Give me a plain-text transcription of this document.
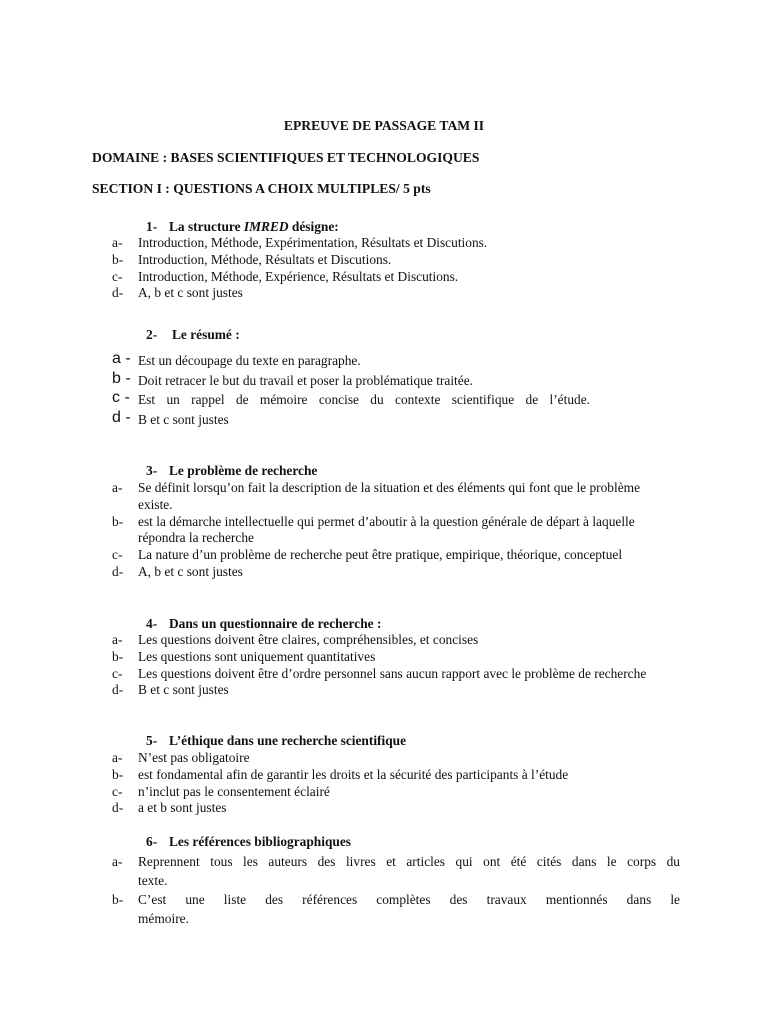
EPREUVE DE PASSAGE TAM II
DOMAINE : BASES SCIENTIFIQUES ET TECHNOLOGIQUES
SECTION I : QUESTIONS A CHOIX MULTIPLES/ 5 pts
1- La structure IMRED désigne:
a- Introduction, Méthode, Expérimentation, Résultats et Discutions.
b- Introduction, Méthode, Résultats et Discutions.
c- Introduction, Méthode, Expérience, Résultats et Discutions.
d- A, b et c sont justes
2- Le résumé :
a - Est un découpage du texte en paragraphe.
b - Doit retracer le but du travail et poser la problématique traitée.
c - Est un rappel de mémoire concise du contexte scientifique de l’étude.
d - B et c sont justes
3- Le problème de recherche
a- Se définit lorsqu’on fait la description de la situation et des éléments qui font que le problème existe.
b- est la démarche intellectuelle qui permet d’aboutir à la question générale de départ à laquelle répondra la recherche
c- La nature d’un problème de recherche peut être pratique, empirique, théorique, conceptuel
d- A, b et c sont justes
4- Dans un questionnaire de recherche :
a- Les questions doivent être claires, compréhensibles, et concises
b- Les questions sont uniquement quantitatives
c- Les questions doivent être d’ordre personnel sans aucun rapport avec le problème de recherche
d- B et c sont justes
5- L’éthique dans une recherche scientifique
a- N’est pas obligatoire
b- est fondamental afin de garantir les droits et la sécurité des participants à l’étude
c- n’inclut pas le consentement éclairé
d- a et b sont justes
6- Les références bibliographiques
a- Reprennent tous les auteurs des livres et articles qui ont été cités dans le corps du
texte.
b- C’est une liste des références complètes des travaux mentionnés dans le
mémoire.
